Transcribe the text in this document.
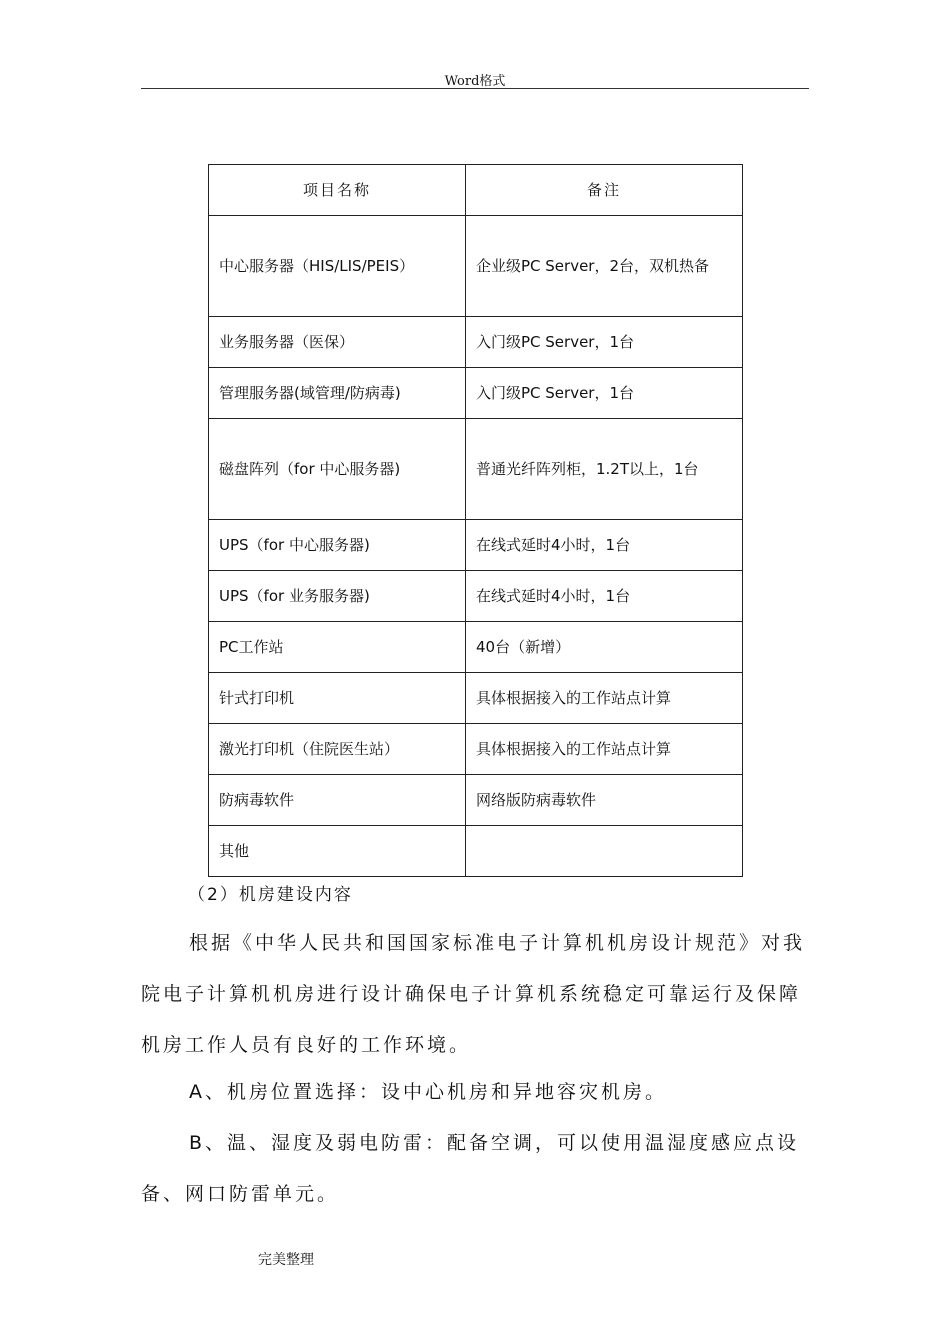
Word格式
项目名称	备注
中心服务器（HIS/LIS/PEIS）	企业级PC Server，2台，双机热备
业务服务器（医保）	入门级PC Server，1台
管理服务器(域管理/防病毒)	入门级PC Server，1台
磁盘阵列（for 中心服务器)	普通光纤阵列柜，1.2T以上，1台
UPS（for 中心服务器)	在线式延时4小时，1台
UPS（for 业务服务器)	在线式延时4小时，1台
PC工作站	40台（新增）
针式打印机	具体根据接入的工作站点计算
激光打印机（住院医生站）	具体根据接入的工作站点计算
防病毒软件	网络版防病毒软件
其他	
（2）机房建设内容
根据《中华人民共和国国家标准电子计算机机房设计规范》对我院电子计算机机房进行设计确保电子计算机系统稳定可靠运行及保障机房工作人员有良好的工作环境。
A、机房位置选择：设中心机房和异地容灾机房。
B、温、湿度及弱电防雷：配备空调，可以使用温湿度感应点设备、网口防雷单元。
完美整理
